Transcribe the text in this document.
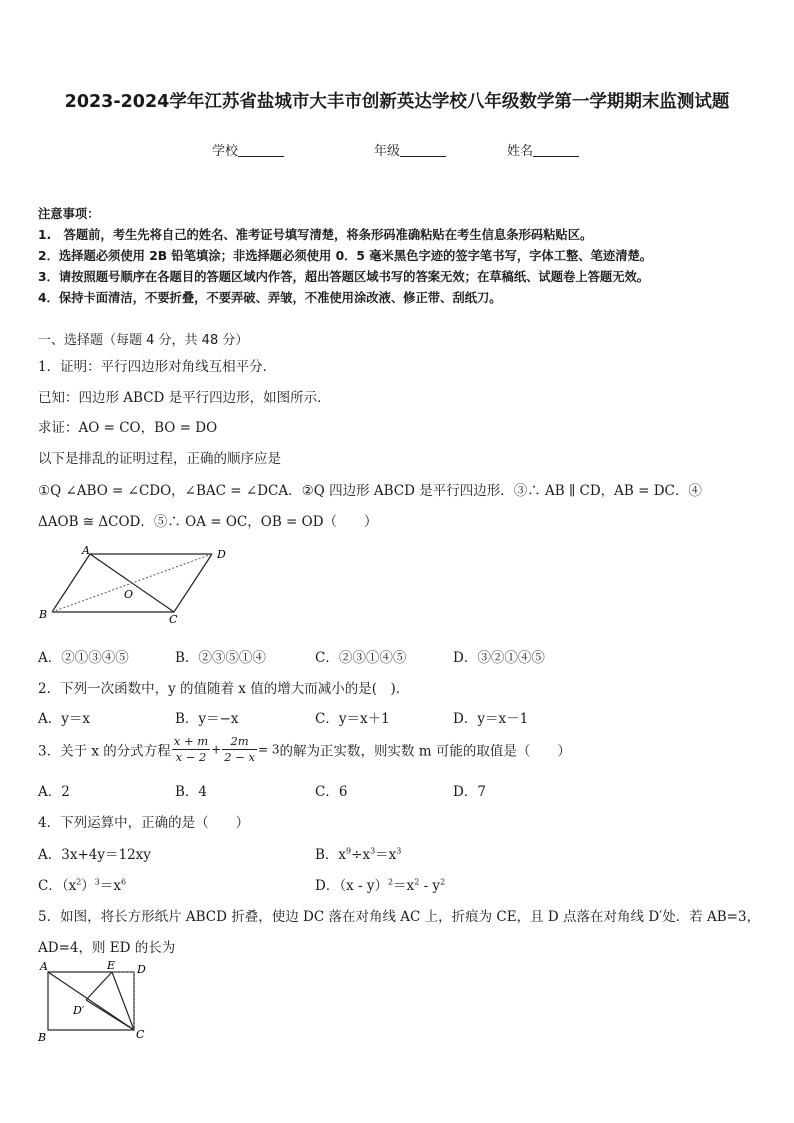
2023-2024学年江苏省盐城市大丰市创新英达学校八年级数学第一学期期末监测试题
学校	年级	姓名
注意事项：
1.　答题前，考生先将自己的姓名、准考证号填写清楚，将条形码准确粘贴在考生信息条形码粘贴区。
2．选择题必须使用 2B 铅笔填涂；非选择题必须使用 0．5 毫米黑色字迹的签字笔书写，字体工整、笔迹清楚。
3．请按照题号顺序在各题目的答题区域内作答，超出答题区域书写的答案无效；在草稿纸、试题卷上答题无效。
4．保持卡面清洁，不要折叠，不要弄破、弄皱，不准使用涂改液、修正带、刮纸刀。
一、选择题（每题 4 分，共 48 分）
1．证明：平行四边形对角线互相平分．
已知：四边形 ABCD 是平行四边形，如图所示．
求证：AO = CO，BO = DO
以下是排乱的证明过程，正确的顺序应是
①Q ∠ABO = ∠CDO，∠BAC = ∠DCA．②Q 四边形 ABCD 是平行四边形．③∴ AB ∥ CD，AB = DC．④
ΔAOB ≅ ΔCOD．⑤∴ OA = OC，OB = OD（　　）
A	D
O
B	C
A．②①③④⑤	B．②③⑤①④	C．②③①④⑤	D．③②①④⑤
2．下列一次函数中，y 的值随着 x 值的增大而减小的是(　)．
A．y＝x	B．y＝−x	C．y＝x＋1	D．y＝x－1
3．关于 x 的分式方程 $\frac{x + m}{x - 2} + \frac{2m}{2 - x} = 3$的解为正实数，则实数 m 可能的取值是（　　）
A．2	B．4	C．6	D．7
4．下列运算中，正确的是（　　）
A．3x+4y＝12xy	B．$x^9\div x^3=x^3$
C．$(x^2)^3=x^6$	D．$(x - y)^2=x^2 - y^2$
5．如图，将长方形纸片 ABCD 折叠，使边 DC 落在对角线 AC 上，折痕为 CE，且 D 点落在对角线 D′处．若 AB=3，
AD=4，则 ED 的长为
A	E D
D′
B	C
